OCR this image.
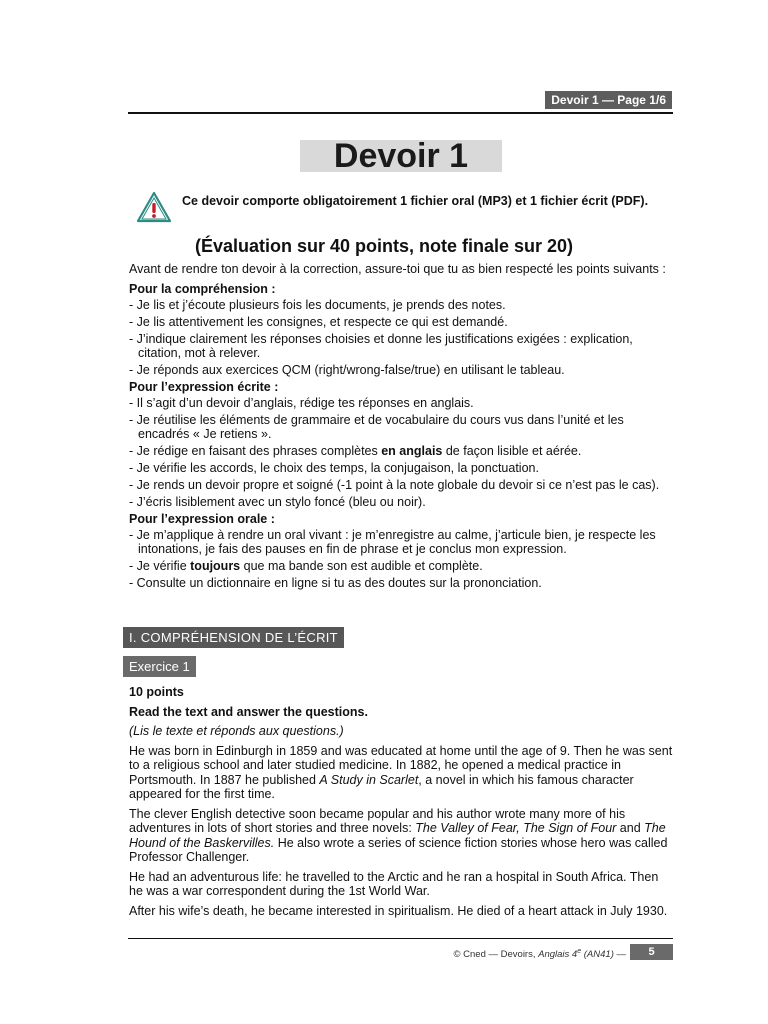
Devoir 1 — Page 1/6
Devoir 1
Ce devoir comporte obligatoirement 1 fichier oral (MP3) et 1 fichier écrit (PDF).
(Évaluation sur 40 points, note finale sur 20)

Avant de rendre ton devoir à la correction, assure-toi que tu as bien respecté les points suivants :

Pour la compréhension :

- Je lis et j’écoute plusieurs fois les documents, je prends des notes.
- Je lis attentivement les consignes, et respecte ce qui est demandé.
- J’indique clairement les réponses choisies et donne les justifications exigées : explication, citation, mot à relever.
- Je réponds aux exercices QCM (right/wrong-false/true) en utilisant le tableau.

Pour l’expression écrite :

- Il s’agit d’un devoir d’anglais, rédige tes réponses en anglais.
- Je réutilise les éléments de grammaire et de vocabulaire du cours vus dans l’unité et les encadrés « Je retiens ».
- Je rédige en faisant des phrases complètes en anglais de façon lisible et aérée.
- Je vérifie les accords, le choix des temps, la conjugaison, la ponctuation.
- Je rends un devoir propre et soigné (-1 point à la note globale du devoir si ce n’est pas le cas).
- J’écris lisiblement avec un stylo foncé (bleu ou noir).

Pour l’expression orale :

- Je m’applique à rendre un oral vivant : je m’enregistre au calme, j’articule bien, je respecte les intonations, je fais des pauses en fin de phrase et je conclus mon expression.
- Je vérifie toujours que ma bande son est audible et complète.
- Consulte un dictionnaire en ligne si tu as des doutes sur la prononciation.
I. COMPRÉHENSION DE L’ÉCRIT
Exercice 1

10 points

Read the text and answer the questions.

(Lis le texte et réponds aux questions.)

He was born in Edinburgh in 1859 and was educated at home until the age of 9. Then he was sent to a religious school and later studied medicine. In 1882, he opened a medical practice in Portsmouth. In 1887 he published A Study in Scarlet, a novel in which his famous character appeared for the first time.

The clever English detective soon became popular and his author wrote many more of his adventures in lots of short stories and three novels: The Valley of Fear, The Sign of Four and The Hound of the Baskervilles. He also wrote a series of science fiction stories whose hero was called Professor Challenger.

He had an adventurous life: he travelled to the Arctic and he ran a hospital in South Africa. Then he was a war correspondent during the 1st World War.

After his wife’s death, he became interested in spiritualism. He died of a heart attack in July 1930.

© Cned — Devoirs, Anglais 4e (AN41) —	5
